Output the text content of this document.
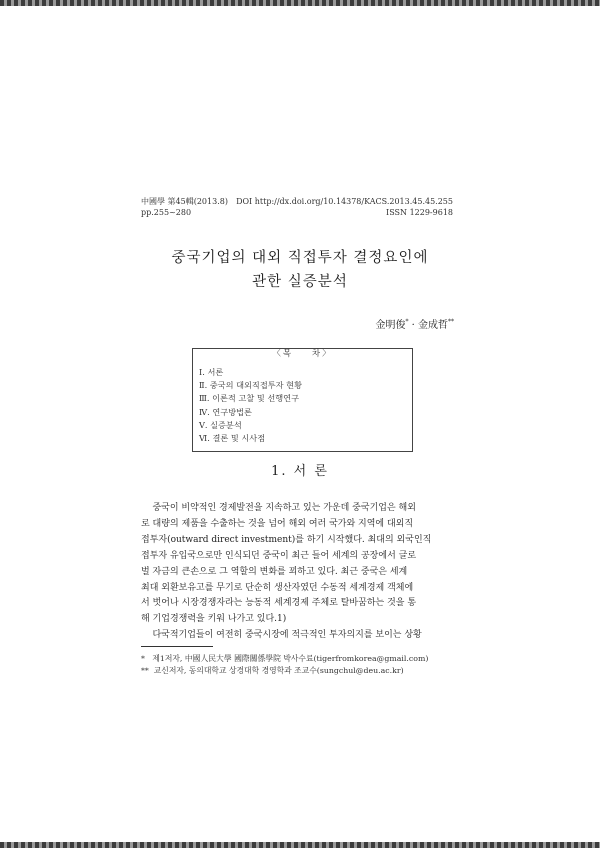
中國學 第45輯(2013.8)
pp.255~280
DOI http://dx.doi.org/10.14378/KACS.2013.45.45.255
ISSN 1229-9618
중국기업의 대외 직접투자 결정요인에
관한 실증분석
金明俊* · 金成哲**
〈목    차〉
Ⅰ. 서론
Ⅱ. 중국의 대외직접투자 현황
Ⅲ. 이론적 고찰 및 선행연구
Ⅳ. 연구방법론
Ⅴ. 실증분석
Ⅵ. 결론 및 시사점
1. 서 론

중국이 비약적인 경제발전을 지속하고 있는 가운데 중국기업은 해외

로 대량의 제품을 수출하는 것을 넘어 해외 여러 국가와 지역에 대외직

접투자(outward direct investment)를 하기 시작했다. 최대의 외국인직

접투자 유입국으로만 인식되던 중국이 최근 들어 세계의 공장에서 글로

벌 자금의 큰손으로 그 역할의 변화를 꾀하고 있다. 최근 중국은 세계

최대 외환보유고를 무기로 단순히 생산자였던 수동적 세계경제 객체에

서 벗어나 시장경쟁자라는 능동적 세계경제 주체로 탈바꿈하는 것을 통

해 기업경쟁력을 키워 나가고 있다.1)

다국적기업들이 여전히 중국시장에 적극적인 투자의지를 보이는 상황

*   제1저자, 中國人民大學 國際關係學院 박사수료(tigerfromkorea@gmail.com)

**  교신저자, 동의대학교 상경대학 경영학과 조교수(sungchul@deu.ac.kr)
